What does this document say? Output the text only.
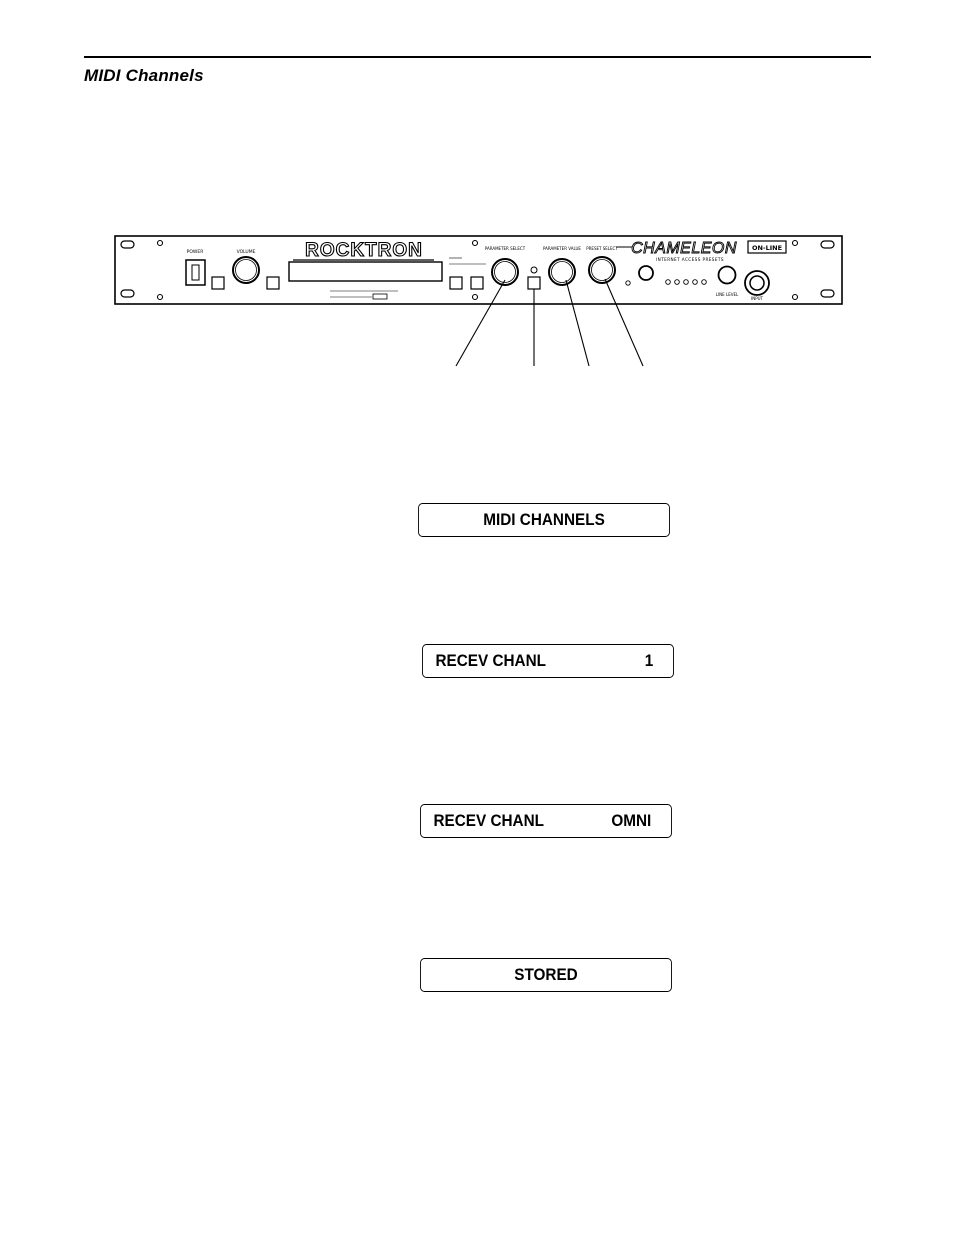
MIDI Channels
POWER	VOLUME	ROCKTRON	PARAMETER SELECT	PARAMETER VALUE PRESET SELECT CHAMELEON ON-LINE
INTERNET ACCESS PRESETS
LINE LEVEL
INPUT
MIDI CHANNELS
RECEV CHANL	1
RECEV CHANL	OMNI
STORED
